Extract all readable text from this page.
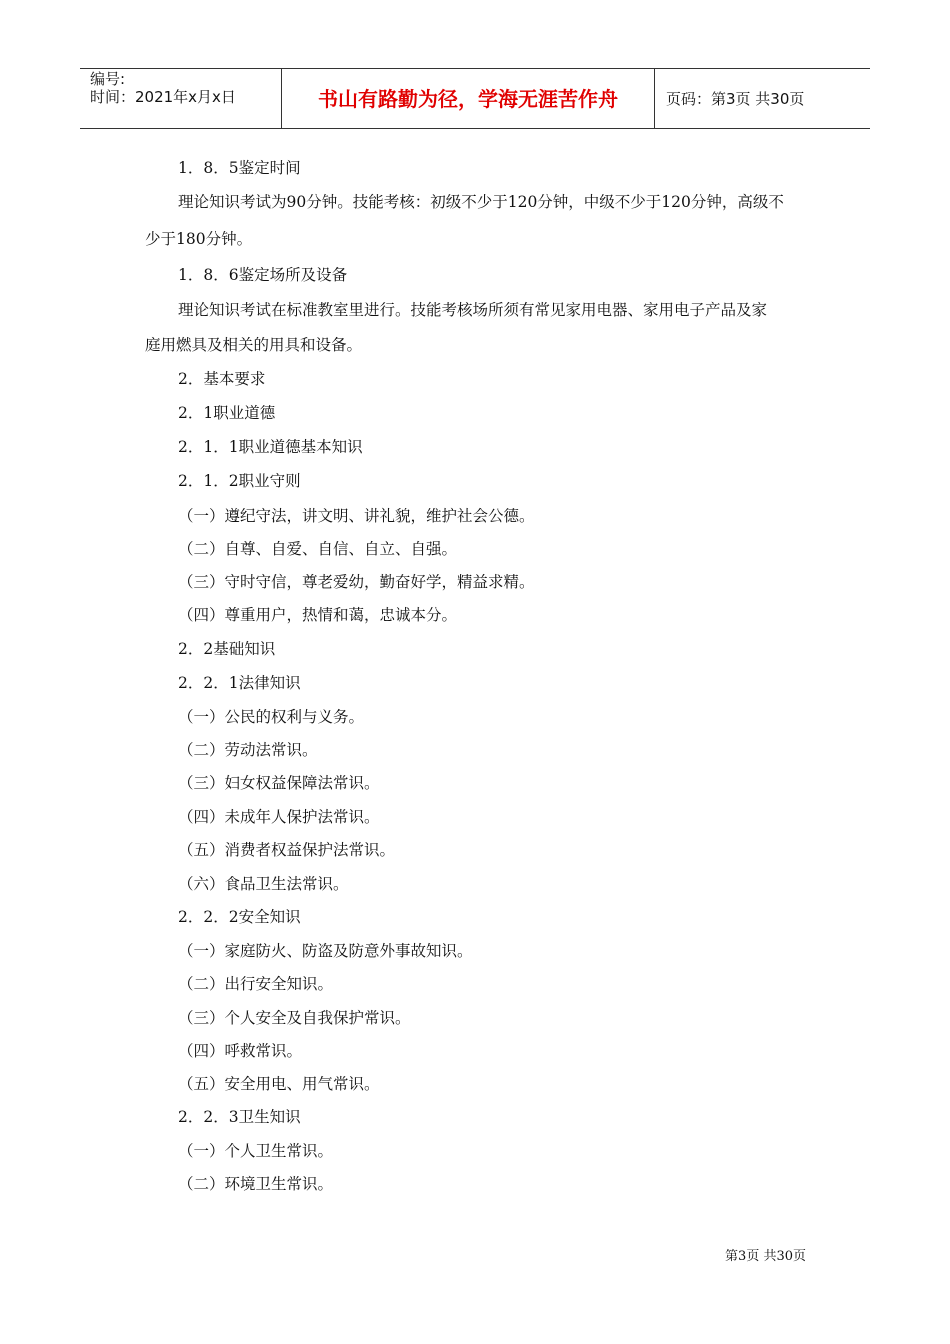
编号:
时间：2021年x月x日	书山有路勤为径，学海无涯苦作舟	页码：第3页 共30页
1．8．5鉴定时间
理论知识考试为90分钟。技能考核：初级不少于120分钟，中级不少于120分钟，高级不
少于180分钟。
1．8．6鉴定场所及设备
理论知识考试在标准教室里进行。技能考核场所须有常见家用电器、家用电子产品及家
庭用燃具及相关的用具和设备。
2．基本要求
2．1职业道德
2．1．1职业道德基本知识
2．1．2职业守则
（一）遵纪守法，讲文明、讲礼貌，维护社会公德。
（二）自尊、自爱、自信、自立、自强。
（三）守时守信，尊老爱幼，勤奋好学，精益求精。
（四）尊重用户，热情和蔼，忠诚本分。
2．2基础知识
2．2．1法律知识
（一）公民的权利与义务。
（二）劳动法常识。
（三）妇女权益保障法常识。
（四）未成年人保护法常识。
（五）消费者权益保护法常识。
（六）食品卫生法常识。
2．2．2安全知识
（一）家庭防火、防盗及防意外事故知识。
（二）出行安全知识。
（三）个人安全及自我保护常识。
（四）呼救常识。
（五）安全用电、用气常识。
2．2．3卫生知识
（一）个人卫生常识。
（二）环境卫生常识。
第3页 共30页
